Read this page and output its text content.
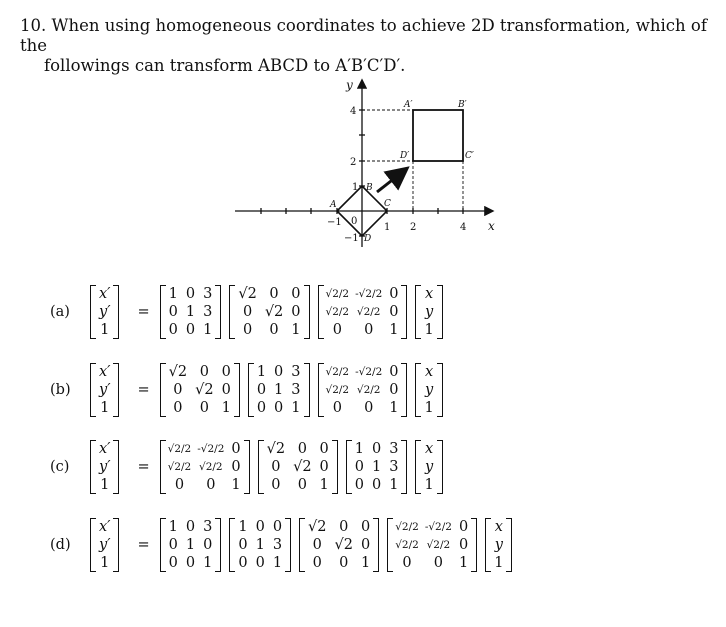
10. When using homogeneous coordinates to achieve 2D transformation, which of the
followings can transform ABCD to A′B′C′D′.
x
y
−1	1 2	4
4
2
1
−1
0
A
B
C
D
A′	B′
C′
D′
(a)
x′
y′
1
=
1	0	3
0	1	3
0	0	1
√2	0	0
0	√2	0
0	0	1
√2/2	-√2/2	0
√2/2	√2/2	0
0	0	1
x
y
1
(b)
x′
y′
1
=
√2	0	0
0	√2	0
0	0	1
1	0	3
0	1	3
0	0	1
√2/2	-√2/2	0
√2/2	√2/2	0
0	0	1
x
y
1
(c)
x′
y′
1
=
√2/2	-√2/2	0
√2/2	√2/2	0
0	0	1
√2	0	0
0	√2	0
0	0	1
1	0	3
0	1	3
0	0	1
x
y
1
(d)
x′
y′
1
=
1	0	3
0	1	0
0	0	1
1	0	0
0	1	3
0	0	1
√2	0	0
0	√2	0
0	0	1
√2/2	-√2/2	0
√2/2	√2/2	0
0	0	1
x
y
1
